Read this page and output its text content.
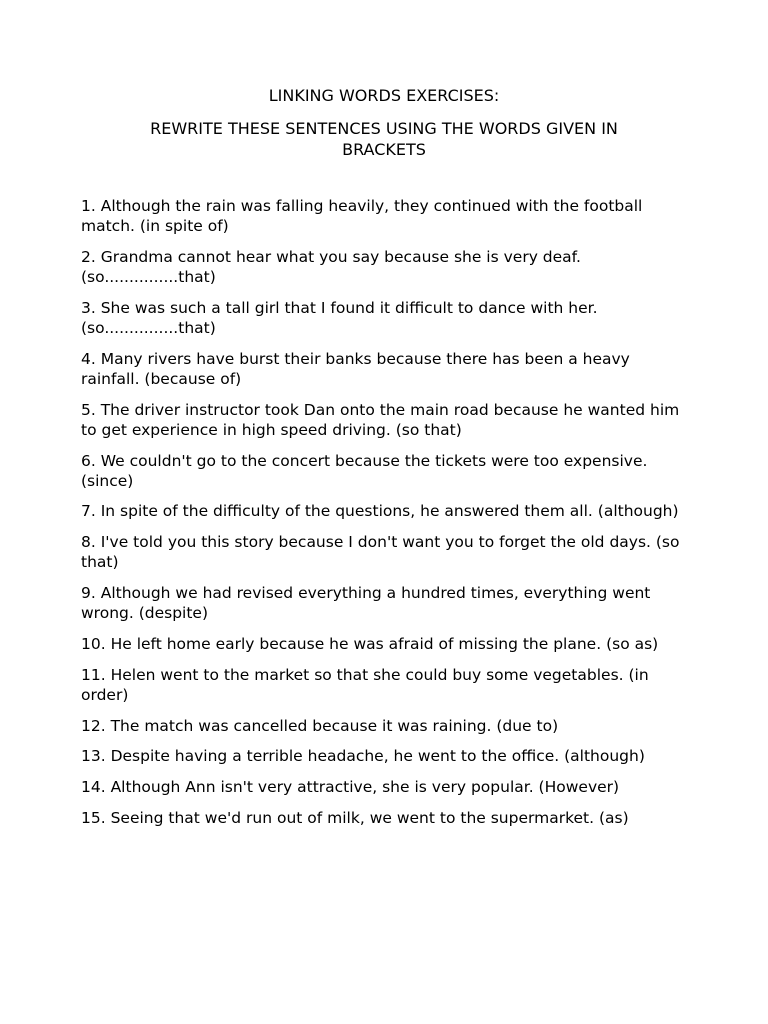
LINKING WORDS EXERCISES:
REWRITE THESE SENTENCES USING THE WORDS GIVEN IN BRACKETS
1. Although the rain was falling heavily, they continued with the football match. (in spite of)
2. Grandma cannot hear what you say because she is very deaf. (so...............that)
3. She was such a tall girl that I found it difficult to dance with her. (so...............that)
4. Many rivers have burst their banks because there has been a heavy rainfall. (because of)
5. The driver instructor took Dan onto the main road because he wanted him to get experience in high speed driving. (so that)
6. We couldn't go to the concert because the tickets were too expensive. (since)
7. In spite of the difficulty of the questions, he answered them all. (although)
8. I've told you this story because I don't want you to forget the old days. (so that)
9. Although we had revised everything a hundred times, everything went wrong. (despite)
10. He left home early because he was afraid of missing the plane. (so as)
11. Helen went to the market so that she could buy some vegetables. (in order)
12. The match was cancelled because it was raining. (due to)
13. Despite having a terrible headache, he went to the office. (although)
14. Although Ann isn't very attractive, she is very popular. (However)
15. Seeing that we'd run out of milk, we went to the supermarket. (as)
